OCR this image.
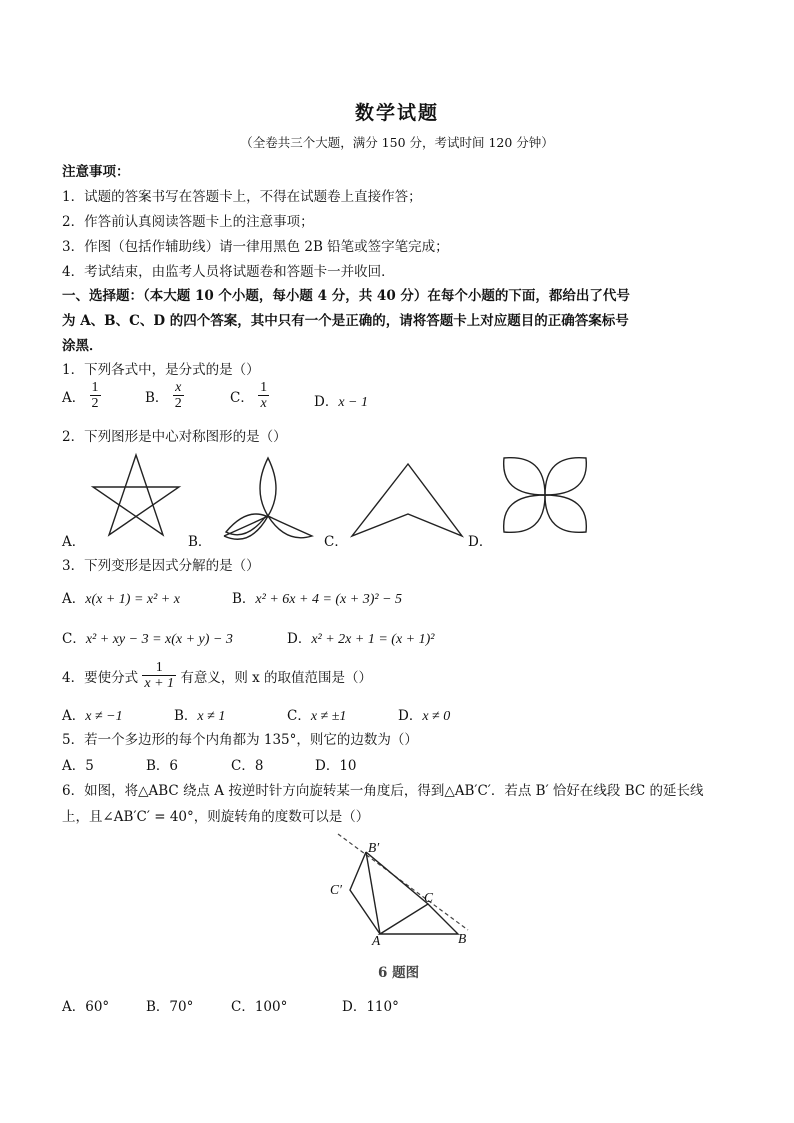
数学试题
（全卷共三个大题，满分 150 分，考试时间 120 分钟）
注意事项：
1．试题的答案书写在答题卡上，不得在试题卷上直接作答；
2．作答前认真阅读答题卡上的注意事项；
3．作图（包括作辅助线）请一律用黑色 2B 铅笔或签字笔完成；
4．考试结束，由监考人员将试题卷和答题卡一并收回．
一、选择题：（本大题 10 个小题，每小题 4 分，共 40 分）在每个小题的下面，都给出了代号
为 A、B、C、D 的四个答案，其中只有一个是正确的，请将答题卡上对应题目的正确答案标号
涂黑．
1．下列各式中，是分式的是（）
A． $\frac{1}{2}$	B． $\frac{x}{2}$	C． $\frac{1}{x}$	D．x − 1
2．下列图形是中心对称图形的是（）
A．	B．	C．	D．
3．下列变形是因式分解的是（）
A．x(x + 1) = x² + x	B．x² + 6x + 4 = (x + 3)² − 5
C．x² + xy − 3 = x(x + y) − 3	D．x² + 2x + 1 = (x + 1)²
4．要使分式 $\frac{1}{x + 1}$ 有意义，则 x 的取值范围是（）
A．x ≠ −1	B．x ≠ 1	C．x ≠ ±1	D．x ≠ 0
5．若一个多边形的每个内角都为 135°，则它的边数为（）
A．5	B．6	C．8	D．10
6．如图，将△ABC 绕点 A 按逆时针方向旋转某一角度后，得到△AB′C′．若点 B′ 恰好在线段 BC 的延长线
上，且∠AB′C′ = 40°，则旋转角的度数可以是（）
B′
C′
C
A	B
6 题图
A．60°	B．70°	C．100°	D．110°
